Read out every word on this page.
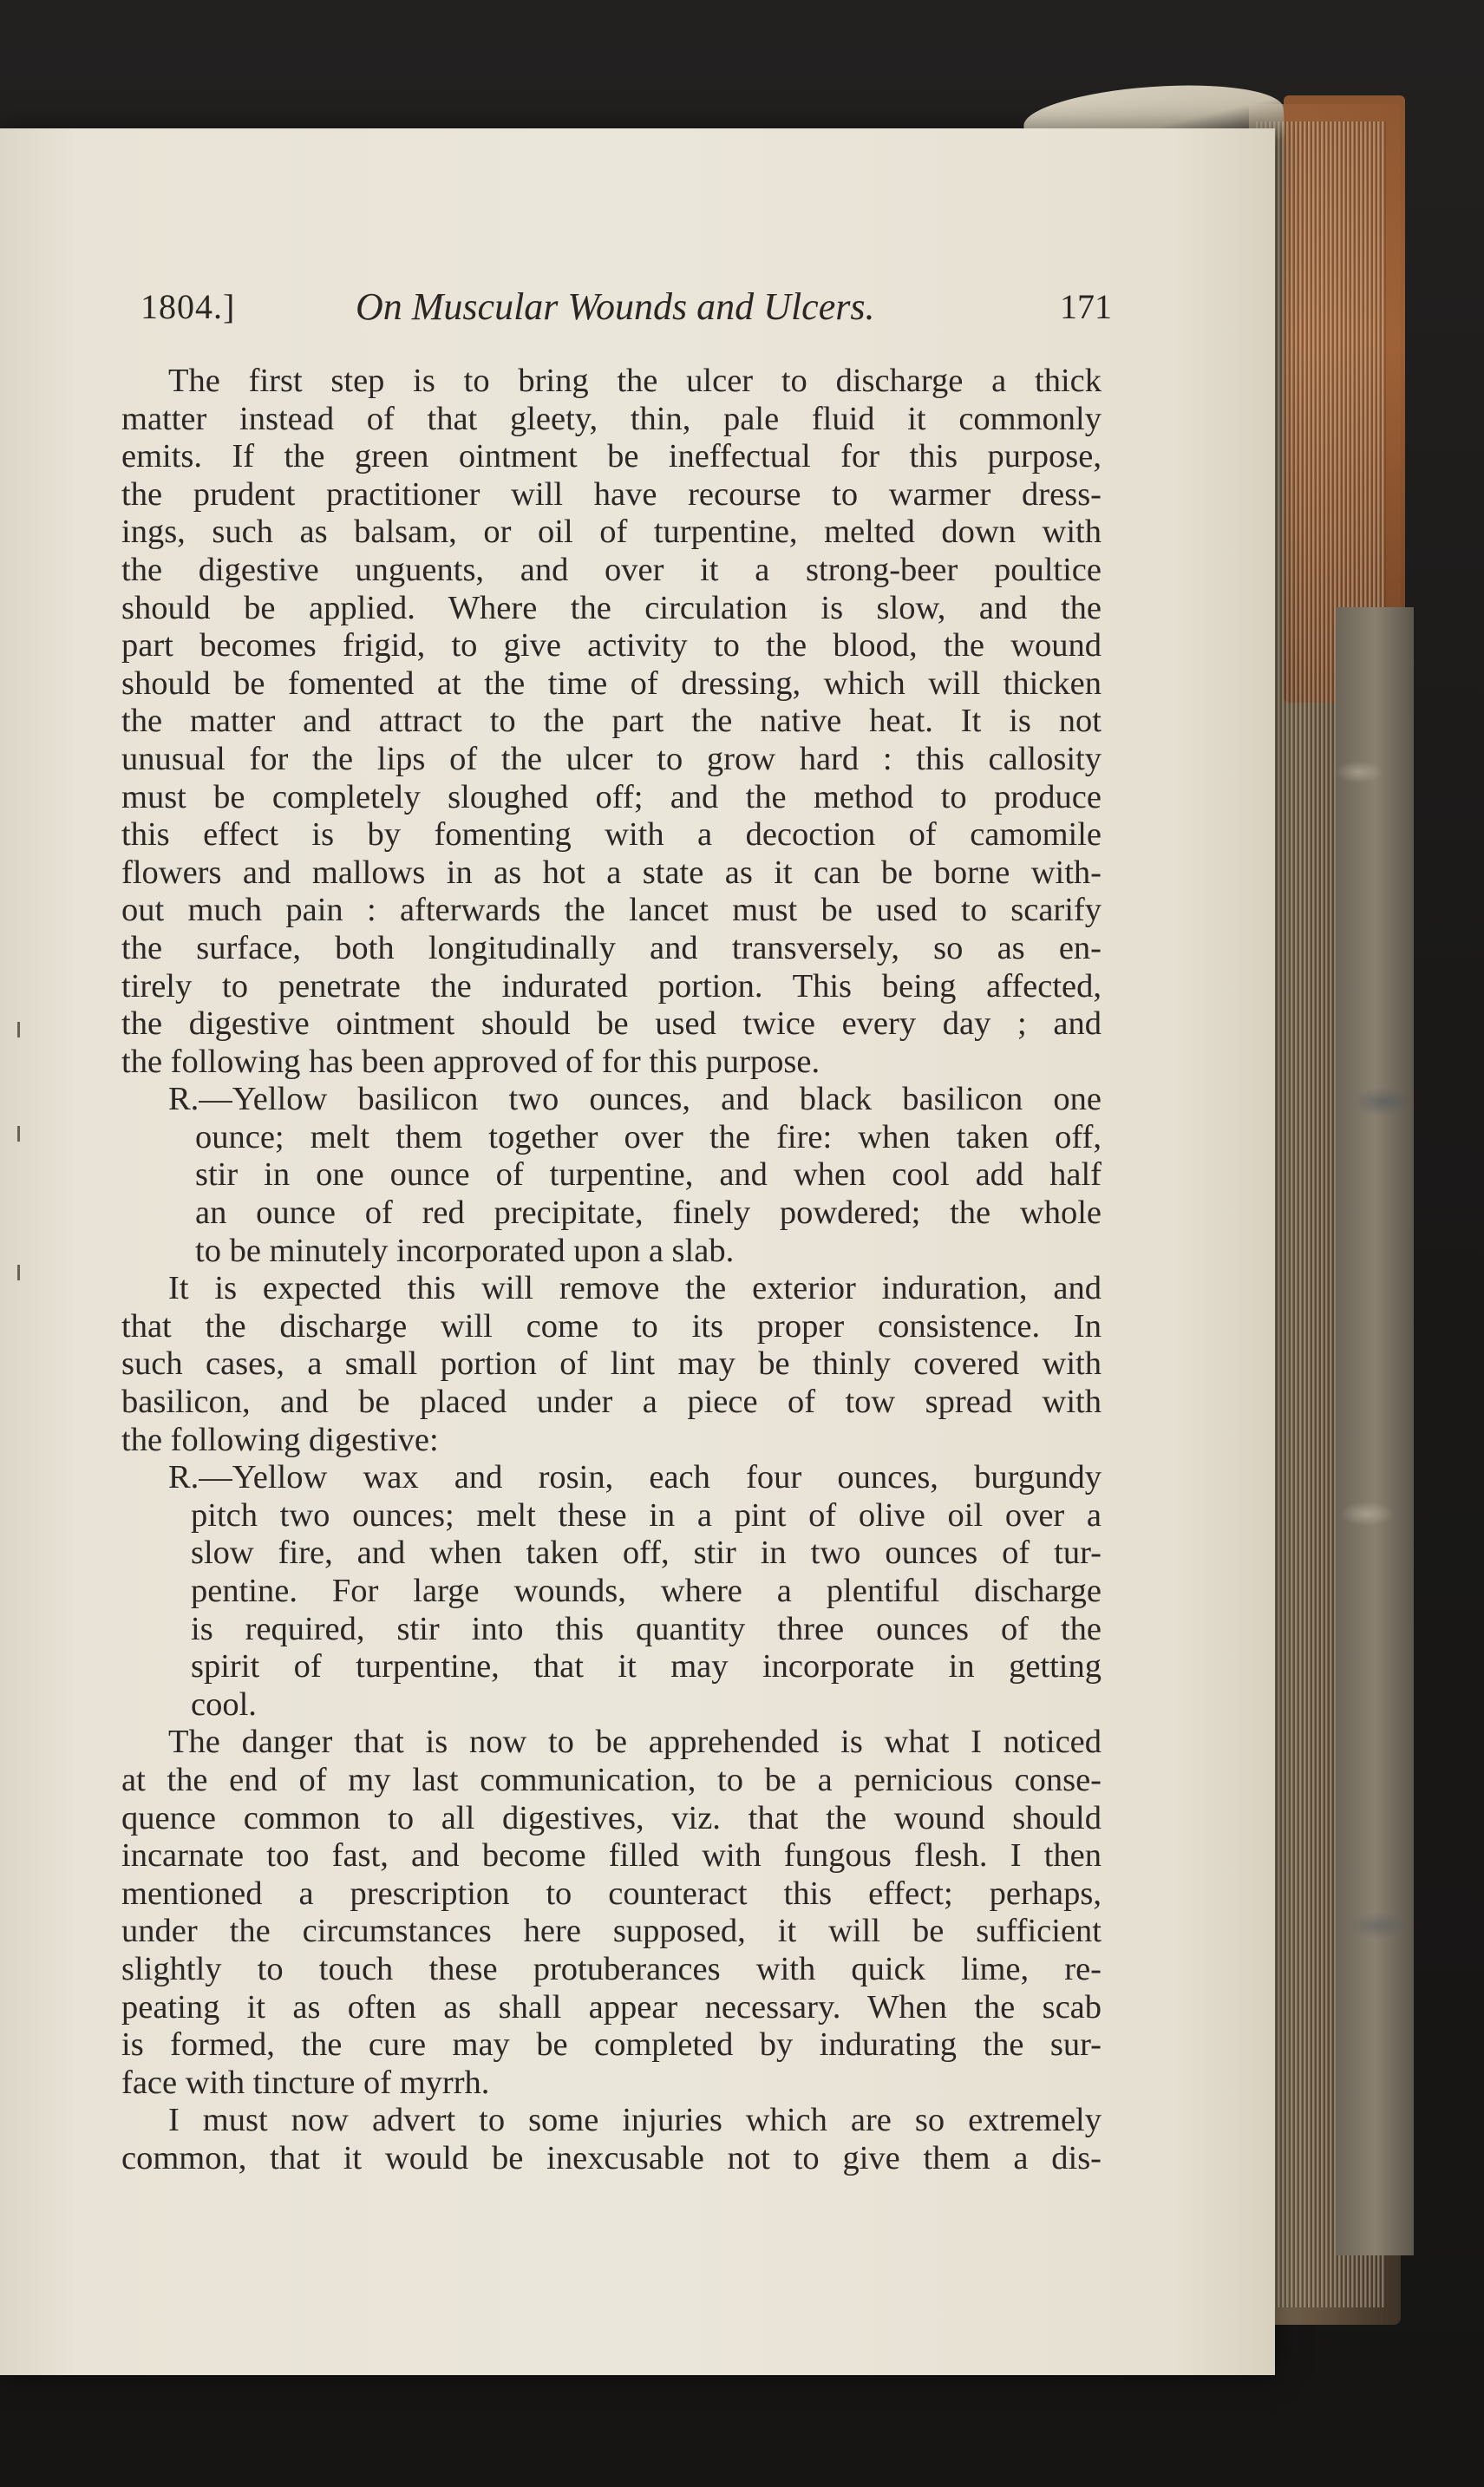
1804.]	On Muscular Wounds and Ulcers.	171
The first step is to bring the ulcer to discharge a thick
matter instead of that gleety, thin, pale fluid it commonly
emits. If the green ointment be ineffectual for this purpose,
the prudent practitioner will have recourse to warmer dress-
ings, such as balsam, or oil of turpentine, melted down with
the digestive unguents, and over it a strong-beer poultice
should be applied. Where the circulation is slow, and the
part becomes frigid, to give activity to the blood, the wound
should be fomented at the time of dressing, which will thicken
the matter and attract to the part the native heat. It is not
unusual for the lips of the ulcer to grow hard : this callosity
must be completely sloughed off; and the method to produce
this effect is by fomenting with a decoction of camomile
flowers and mallows in as hot a state as it can be borne with-
out much pain : afterwards the lancet must be used to scarify
the surface, both longitudinally and transversely, so as en-
tirely to penetrate the indurated portion. This being affected,
the digestive ointment should be used twice every day ; and
the following has been approved of for this purpose.
R.—Yellow basilicon two ounces, and black basilicon one
ounce; melt them together over the fire: when taken off,
stir in one ounce of turpentine, and when cool add half
an ounce of red precipitate, finely powdered; the whole
to be minutely incorporated upon a slab.
It is expected this will remove the exterior induration, and
that the discharge will come to its proper consistence. In
such cases, a small portion of lint may be thinly covered with
basilicon, and be placed under a piece of tow spread with
the following digestive:
R.—Yellow wax and rosin, each four ounces, burgundy
pitch two ounces; melt these in a pint of olive oil over a
slow fire, and when taken off, stir in two ounces of tur-
pentine. For large wounds, where a plentiful discharge
is required, stir into this quantity three ounces of the
spirit of turpentine, that it may incorporate in getting
cool.
The danger that is now to be apprehended is what I noticed
at the end of my last communication, to be a pernicious conse-
quence common to all digestives, viz. that the wound should
incarnate too fast, and become filled with fungous flesh. I then
mentioned a prescription to counteract this effect; perhaps,
under the circumstances here supposed, it will be sufficient
slightly to touch these protuberances with quick lime, re-
peating it as often as shall appear necessary. When the scab
is formed, the cure may be completed by indurating the sur-
face with tincture of myrrh.
I must now advert to some injuries which are so extremely
common, that it would be inexcusable not to give them a dis-
